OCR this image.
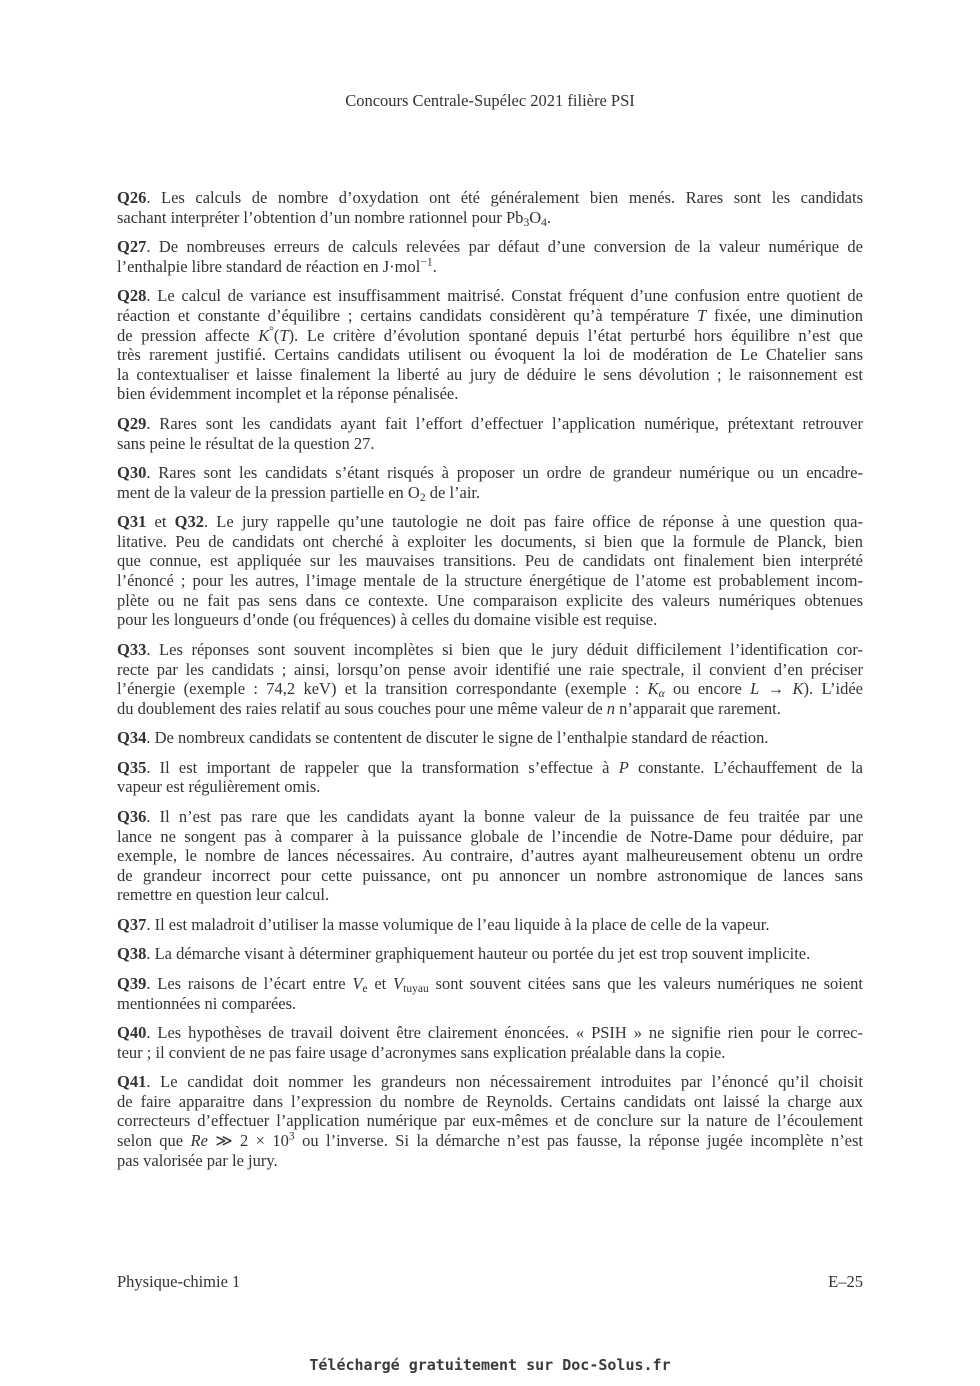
Concours Centrale-Supélec 2021 filière PSI
Q26. Les calculs de nombre d’oxydation ont été généralement bien menés. Rares sont les candidats
sachant interpréter l’obtention d’un nombre rationnel pour $Pb_3O_4$.
Q27. De nombreuses erreurs de calculs relevées par défaut d’une conversion de la valeur numérique de
l’enthalpie libre standard de réaction en J·mol$^{-1}$.
Q28. Le calcul de variance est insuffisamment maitrisé. Constat fréquent d’une confusion entre quotient de
réaction et constante d’équilibre ; certains candidats considèrent qu’à température T fixée, une diminution
de pression affecte K°(T). Le critère d’évolution spontané depuis l’état perturbé hors équilibre n’est que
très rarement justifié. Certains candidats utilisent ou évoquent la loi de modération de Le Chatelier sans
la contextualiser et laisse finalement la liberté au jury de déduire le sens dévolution ; le raisonnement est
bien évidemment incomplet et la réponse pénalisée.
Q29. Rares sont les candidats ayant fait l’effort d’effectuer l’application numérique, prétextant retrouver
sans peine le résultat de la question 27.
Q30. Rares sont les candidats s’étant risqués à proposer un ordre de grandeur numérique ou un encadre-
ment de la valeur de la pression partielle en $O_2$ de l’air.
Q31 et Q32. Le jury rappelle qu’une tautologie ne doit pas faire office de réponse à une question qua-
litative. Peu de candidats ont cherché à exploiter les documents, si bien que la formule de Planck, bien
que connue, est appliquée sur les mauvaises transitions. Peu de candidats ont finalement bien interprété
l’énoncé ; pour les autres, l’image mentale de la structure énergétique de l’atome est probablement incom-
plète ou ne fait pas sens dans ce contexte. Une comparaison explicite des valeurs numériques obtenues
pour les longueurs d’onde (ou fréquences) à celles du domaine visible est requise.
Q33. Les réponses sont souvent incomplètes si bien que le jury déduit difficilement l’identification cor-
recte par les candidats ; ainsi, lorsqu’on pense avoir identifié une raie spectrale, il convient d’en préciser
l’énergie (exemple : 74,2 keV) et la transition correspondante (exemple : $K_\alpha$ ou encore L → K). L’idée
du doublement des raies relatif au sous couches pour une même valeur de n n’apparait que rarement.
Q34. De nombreux candidats se contentent de discuter le signe de l’enthalpie standard de réaction.
Q35. Il est important de rappeler que la transformation s’effectue à P constante. L’échauffement de la
vapeur est régulièrement omis.
Q36. Il n’est pas rare que les candidats ayant la bonne valeur de la puissance de feu traitée par une
lance ne songent pas à comparer à la puissance globale de l’incendie de Notre-Dame pour déduire, par
exemple, le nombre de lances nécessaires. Au contraire, d’autres ayant malheureusement obtenu un ordre
de grandeur incorrect pour cette puissance, ont pu annoncer un nombre astronomique de lances sans
remettre en question leur calcul.
Q37. Il est maladroit d’utiliser la masse volumique de l’eau liquide à la place de celle de la vapeur.
Q38. La démarche visant à déterminer graphiquement hauteur ou portée du jet est trop souvent implicite.
Q39. Les raisons de l’écart entre $V_e$ et $V_{tuyau}$ sont souvent citées sans que les valeurs numériques ne soient
mentionnées ni comparées.
Q40. Les hypothèses de travail doivent être clairement énoncées. « PSIH » ne signifie rien pour le correc-
teur ; il convient de ne pas faire usage d’acronymes sans explication préalable dans la copie.
Q41. Le candidat doit nommer les grandeurs non nécessairement introduites par l’énoncé qu’il choisit
de faire apparaitre dans l’expression du nombre de Reynolds. Certains candidats ont laissé la charge aux
correcteurs d’effectuer l’application numérique par eux-mêmes et de conclure sur la nature de l’écoulement
selon que Re ≫ $2 \times 10^3$ ou l’inverse. Si la démarche n’est pas fausse, la réponse jugée incomplète n’est
pas valorisée par le jury.
Physique-chimie 1	E–25
Téléchargé gratuitement sur Doc-Solus.fr
